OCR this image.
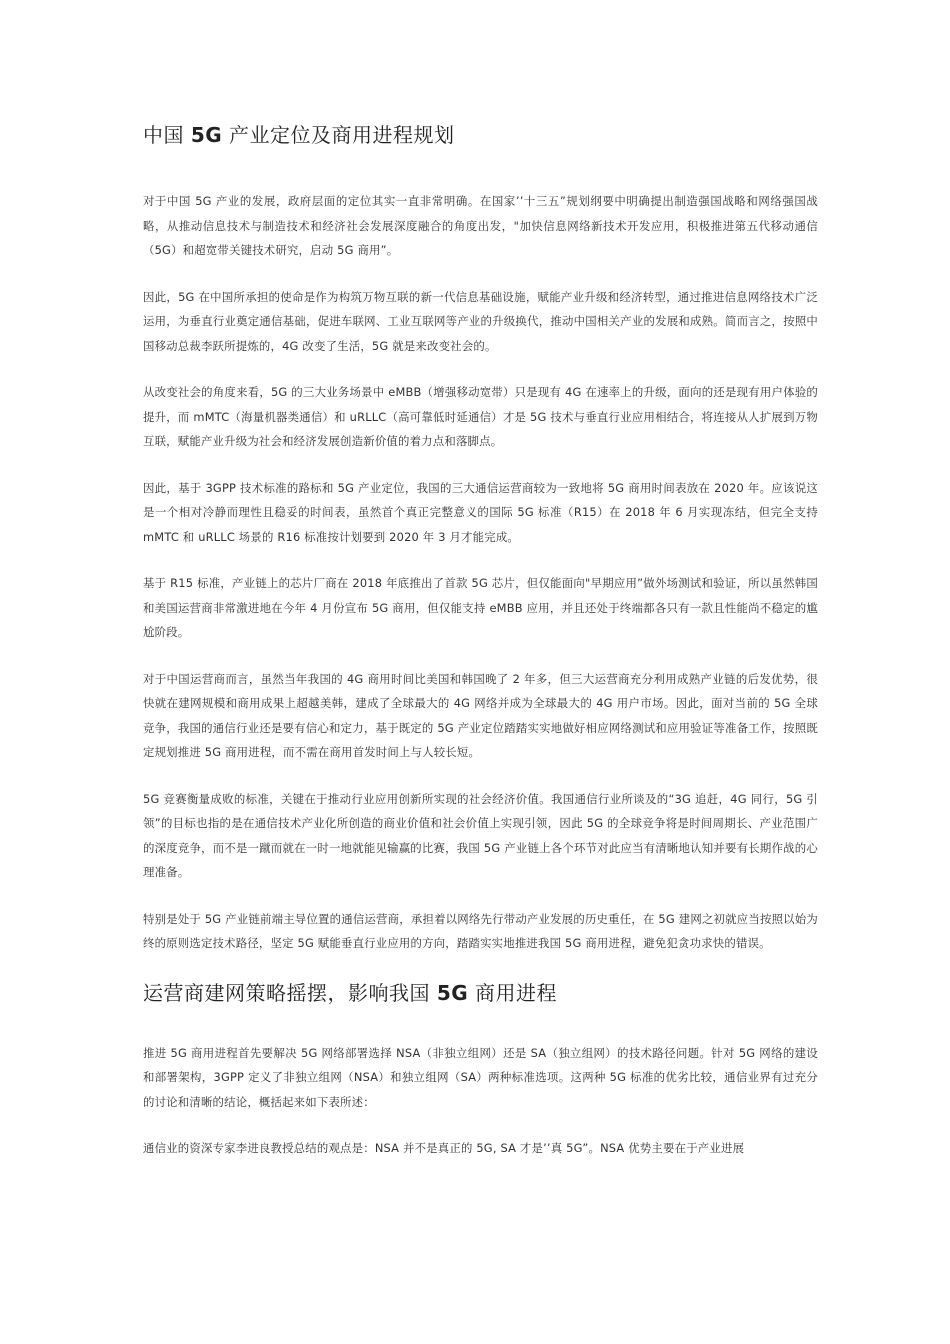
中国 5G 产业定位及商用进程规划

对于中国 5G 产业的发展，政府层面的定位其实一直非常明确。在国家’’十三五”规划纲要中明确提出制造强国战略和网络强国战略，从推动信息技术与制造技术和经济社会发展深度融合的角度出发，"加快信息网络新技术开发应用，积极推进第五代移动通信（5G）和超宽带关键技术研究，启动 5G 商用”。

因此，5G 在中国所承担的使命是作为构筑万物互联的新一代信息基础设施，赋能产业升级和经济转型，通过推进信息网络技术广泛运用，为垂直行业奠定通信基础，促进车联网、工业互联网等产业的升级换代，推动中国相关产业的发展和成熟。简而言之，按照中国移动总裁李跃所提炼的，4G 改变了生活，5G 就是来改变社会的。

从改变社会的角度来看，5G 的三大业务场景中 eMBB（增强移动宽带）只是现有 4G 在速率上的升级，面向的还是现有用户体验的提升，而 mMTC（海量机器类通信）和 uRLLC（高可靠低时延通信）才是 5G 技术与垂直行业应用相结合，将连接从人扩展到万物互联，赋能产业升级为社会和经济发展创造新价值的着力点和落脚点。

因此，基于 3GPP 技术标准的路标和 5G 产业定位，我国的三大通信运营商较为一致地将 5G 商用时间表放在 2020 年。应该说这是一个相对冷静而理性且稳妥的时间表，虽然首个真正完整意义的国际 5G 标准（R15）在 2018 年 6 月实现冻结，但完全支持 mMTC 和 uRLLC 场景的 R16 标准按计划要到 2020 年 3 月才能完成。

基于 R15 标准，产业链上的芯片厂商在 2018 年底推出了首款 5G 芯片，但仅能面向"早期应用”做外场测试和验证，所以虽然韩国和美国运营商非常激进地在今年 4 月份宣布 5G 商用，但仅能支持 eMBB 应用，并且还处于终端都各只有一款且性能尚不稳定的尴尬阶段。

对于中国运营商而言，虽然当年我国的 4G 商用时间比美国和韩国晚了 2 年多，但三大运营商充分利用成熟产业链的后发优势，很快就在建网规模和商用成果上超越美韩，建成了全球最大的 4G 网络并成为全球最大的 4G 用户市场。因此，面对当前的 5G 全球竞争，我国的通信行业还是要有信心和定力，基于既定的 5G 产业定位踏踏实实地做好相应网络测试和应用验证等准备工作，按照既定规划推进 5G 商用进程，而不需在商用首发时间上与人较长短。

5G 竞赛衡量成败的标准，关键在于推动行业应用创新所实现的社会经济价值。我国通信行业所谈及的“3G 追赶，4G 同行，5G 引领”的目标也指的是在通信技术产业化所创造的商业价值和社会价值上实现引领，因此 5G 的全球竞争将是时间周期长、产业范围广的深度竞争，而不是一蹴而就在一时一地就能见输赢的比赛，我国 5G 产业链上各个环节对此应当有清晰地认知并要有长期作战的心理准备。

特别是处于 5G 产业链前端主导位置的通信运营商，承担着以网络先行带动产业发展的历史重任，在 5G 建网之初就应当按照以始为终的原则选定技术路径，坚定 5G 赋能垂直行业应用的方向，踏踏实实地推进我国 5G 商用进程，避免犯贪功求快的错误。

运营商建网策略摇摆，影响我国 5G 商用进程

推进 5G 商用进程首先要解决 5G 网络部署选择 NSA（非独立组网）还是 SA（独立组网）的技术路径问题。针对 5G 网络的建设和部署架构，3GPP 定义了非独立组网（NSA）和独立组网（SA）两种标准选项。这两种 5G 标准的优劣比较，通信业界有过充分的讨论和清晰的结论，概括起来如下表所述：

通信业的资深专家李进良教授总结的观点是：NSA 并不是真正的 5G, SA 才是’’真 5G”。NSA 优势主要在于产业进展
